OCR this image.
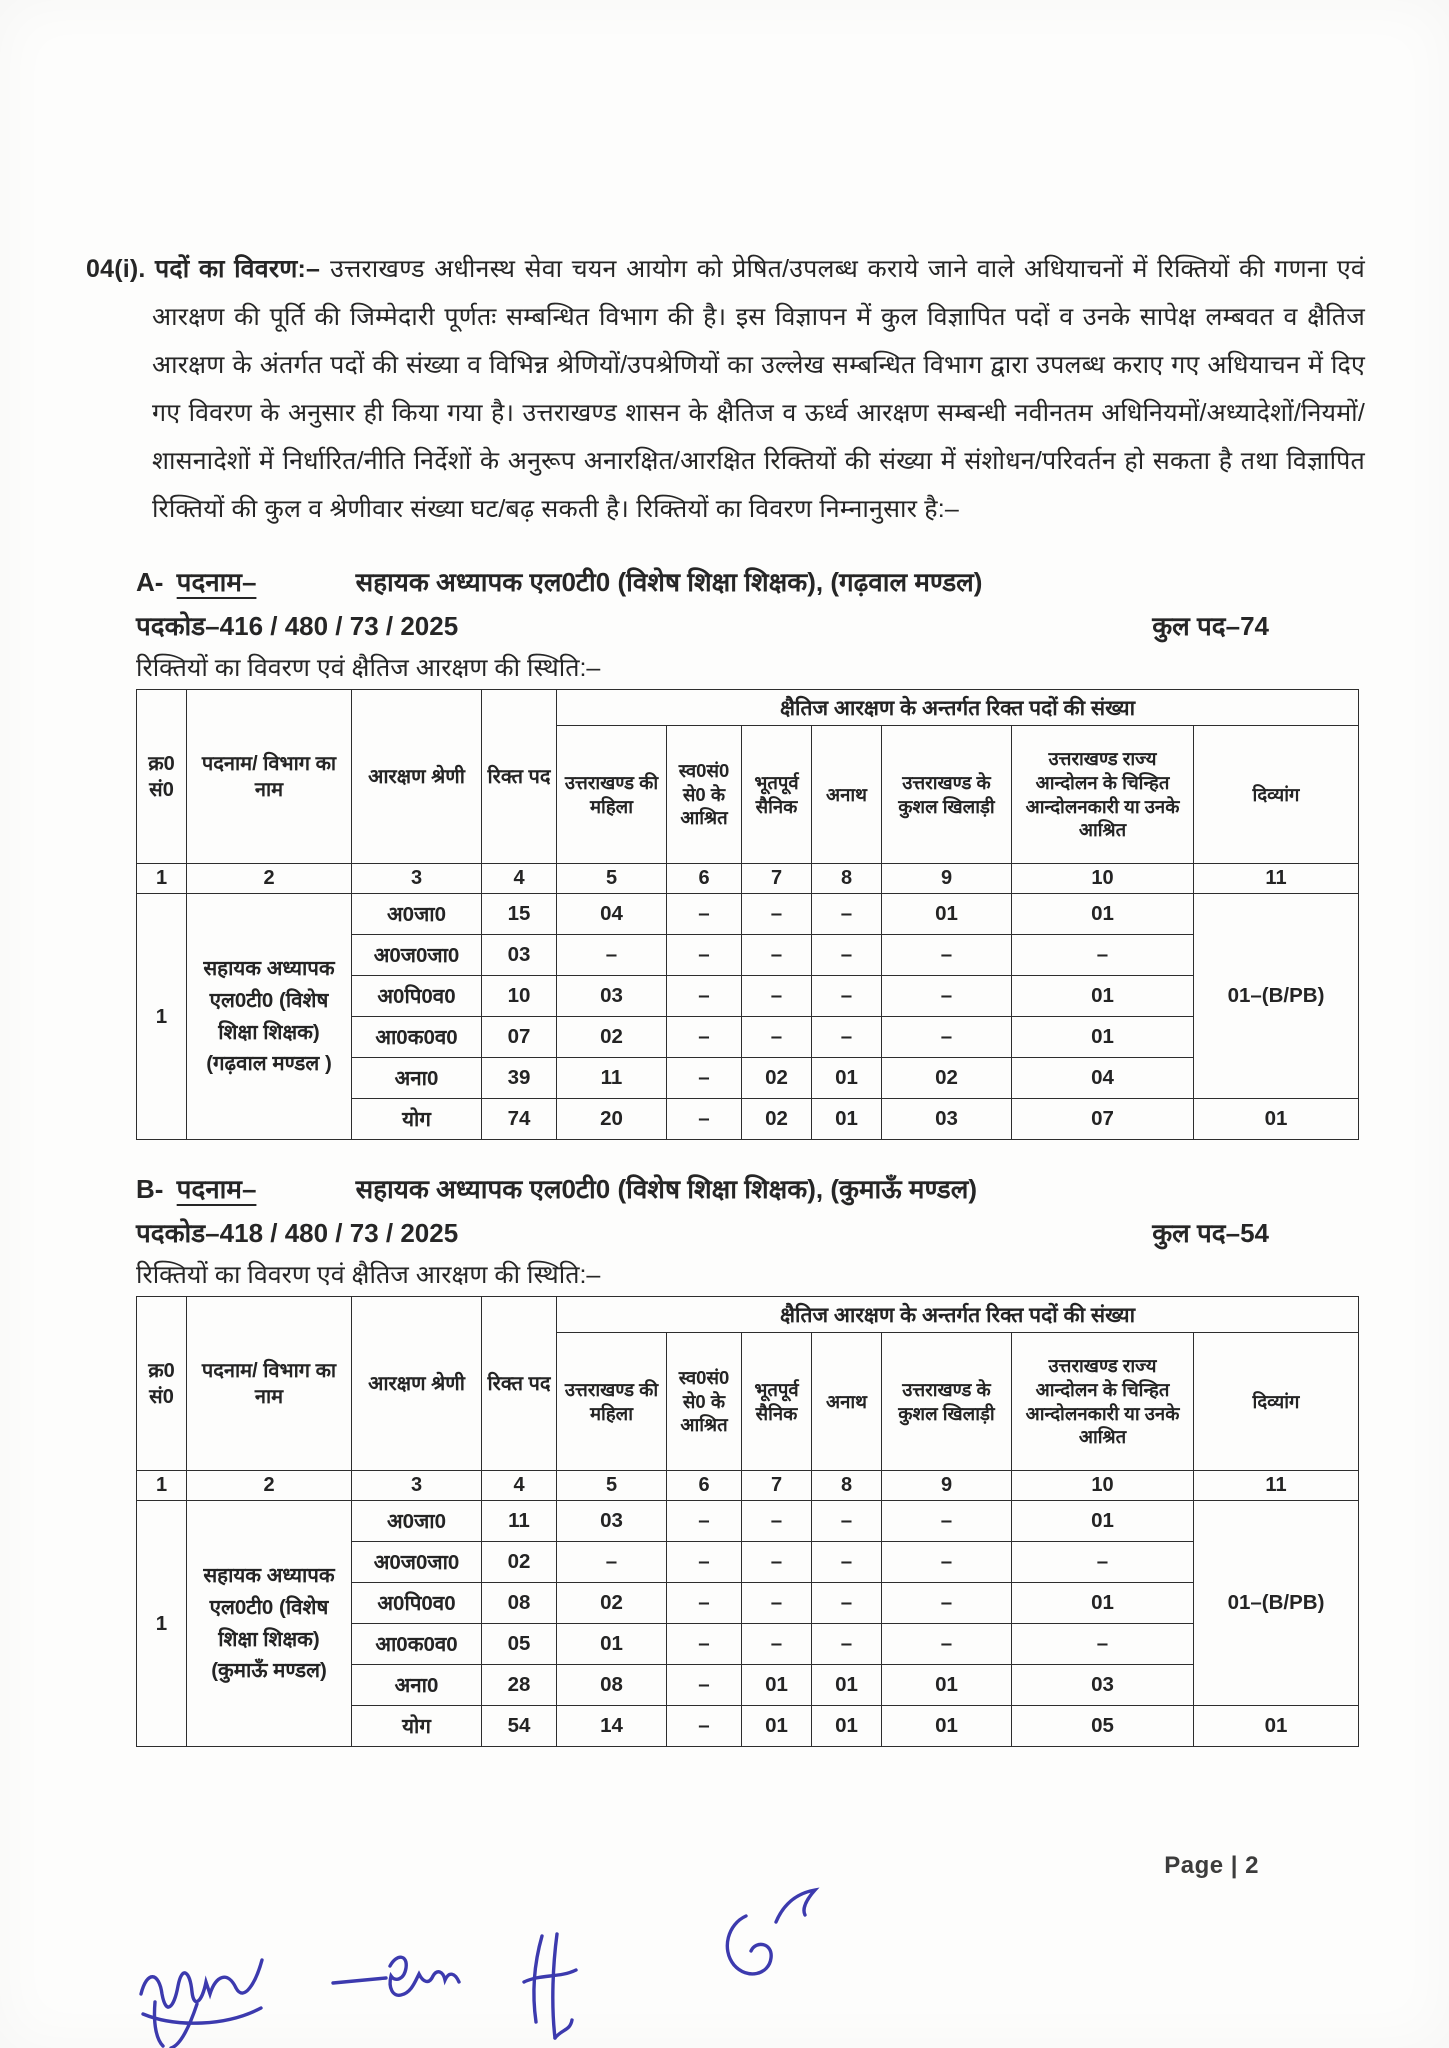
04(i). पदों का विवरण:– उत्तराखण्ड अधीनस्थ सेवा चयन आयोग को प्रेषित/उपलब्ध कराये जाने वाले अधियाचनों में रिक्तियों की गणना एवं आरक्षण की पूर्ति की जिम्मेदारी पूर्णतः सम्बन्धित विभाग की है। इस विज्ञापन में कुल विज्ञापित पदों व उनके सापेक्ष लम्बवत व क्षैतिज आरक्षण के अंतर्गत पदों की संख्या व विभिन्न श्रेणियों/उपश्रेणियों का उल्लेख सम्बन्धित विभाग द्वारा उपलब्ध कराए गए अधियाचन में दिए गए विवरण के अनुसार ही किया गया है। उत्तराखण्ड शासन के क्षैतिज व ऊर्ध्व आरक्षण सम्बन्धी नवीनतम अधिनियमों/अध्यादेशों/नियमों/शासनादेशों में निर्धारित/नीति निर्देशों के अनुरूप अनारक्षित/आरक्षित रिक्तियों की संख्या में संशोधन/परिवर्तन हो सकता है तथा विज्ञापित रिक्तियों की कुल व श्रेणीवार संख्या घट/बढ़ सकती है। रिक्तियों का विवरण निम्नानुसार है:–

A- पदनाम–	सहायक अध्यापक एल0टी0 (विशेष शिक्षा शिक्षक), (गढ़वाल मण्डल)
पदकोड–416 / 480 / 73 / 2025	कुल पद–74
रिक्तियों का विवरण एवं क्षैतिज आरक्षण की स्थिति:–
क्र0 सं0	पदनाम/ विभाग का नाम	आरक्षण श्रेणी	रिक्त पद	क्षैतिज आरक्षण के अन्तर्गत रिक्त पदों की संख्या						
				उत्तराखण्ड की महिला	स्व0सं0 से0 के आश्रित	भूतपूर्व सैनिक	अनाथ	उत्तराखण्ड के कुशल खिलाड़ी	उत्तराखण्ड राज्य आन्दोलन के चिन्हित आन्दोलनकारी या उनके आश्रित	दिव्यांग
1	2	3	4	5	6	7	8	9	10	11
1	सहायक अध्यापक एल0टी0 (विशेष शिक्षा शिक्षक) (गढ़वाल मण्डल )	अ0जा0	15	04	–	–	–	01	01	01–(B/PB)
		अ0ज0जा0	03	–	–	–	–	–	–	
		अ0पि0व0	10	03	–	–	–	–	01	
		आ0क0व0	07	02	–	–	–	–	01	
		अना0	39	11	–	02	01	02	04	
		योग	74	20	–	02	01	03	07	01
B- पदनाम–	सहायक अध्यापक एल0टी0 (विशेष शिक्षा शिक्षक), (कुमाऊँ मण्डल)
पदकोड–418 / 480 / 73 / 2025	कुल पद–54
रिक्तियों का विवरण एवं क्षैतिज आरक्षण की स्थिति:–
क्र0 सं0	पदनाम/ विभाग का नाम	आरक्षण श्रेणी	रिक्त पद	क्षैतिज आरक्षण के अन्तर्गत रिक्त पदों की संख्या						
				उत्तराखण्ड की महिला	स्व0सं0 से0 के आश्रित	भूतपूर्व सैनिक	अनाथ	उत्तराखण्ड के कुशल खिलाड़ी	उत्तराखण्ड राज्य आन्दोलन के चिन्हित आन्दोलनकारी या उनके आश्रित	दिव्यांग
1	2	3	4	5	6	7	8	9	10	11
1	सहायक अध्यापक एल0टी0 (विशेष शिक्षा शिक्षक) (कुमाऊँ मण्डल)	अ0जा0	11	03	–	–	–	–	01	01–(B/PB)
		अ0ज0जा0	02	–	–	–	–	–	–	
		अ0पि0व0	08	02	–	–	–	–	01	
		आ0क0व0	05	01	–	–	–	–	–	
		अना0	28	08	–	01	01	01	03	
		योग	54	14	–	01	01	01	05	01
Page | 2
